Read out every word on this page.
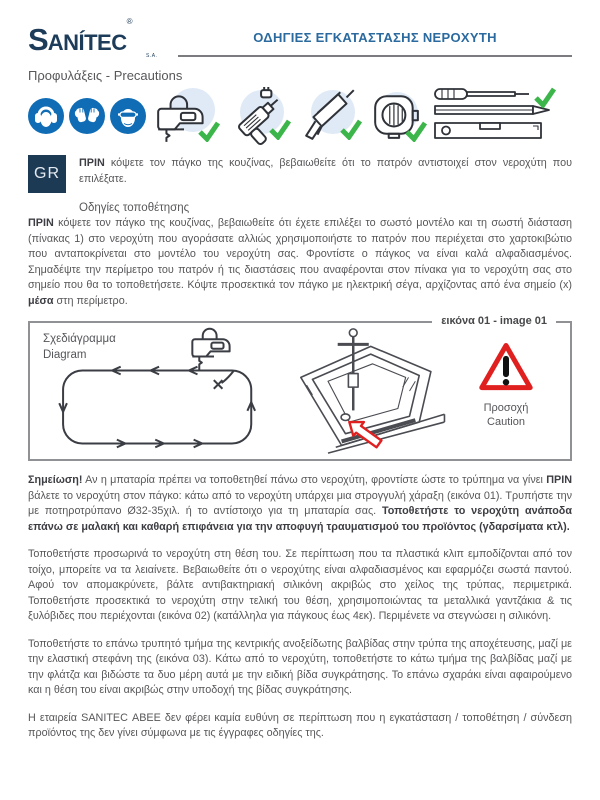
SANÍTEC®
S.A.
ΟΔΗΓΙΕΣ ΕΓΚΑΤΑΣΤΑΣΗΣ ΝΕΡΟΧΥΤΗ
Προφυλάξεις - Precautions
GR
ΠΡΙΝ κόψετε τον πάγκο της κουζίνας, βεβαιωθείτε ότι το πατρόν αντιστοιχεί στον νεροχύτη που επιλέξατε.
Οδηγίες τοποθέτησης
ΠΡΙΝ κόψετε τον πάγκο της κουζίνας, βεβαιωθείτε ότι έχετε επιλέξει το σωστό μοντέλο και τη σωστή διάσταση (πίνακας 1) στο νεροχύτη που αγοράσατε αλλιώς χρησιμοποιήστε το πατρόν που περιέχεται στο χαρτοκιβώτιο που ανταποκρίνεται στο μοντέλο του νεροχύτη σας. Φροντίστε ο πάγκος να είναι καλά αλφαδιασμένος. Σημαδέψτε την περίμετρο του πατρόν ή τις διαστάσεις που αναφέρονται στον πίνακα για το νεροχύτη σας στο σημείο που θα το τοποθετήσετε. Κόψτε προσεκτικά τον πάγκο με ηλεκτρική σέγα, αρχίζοντας από ένα σημείο (x) μέσα στη περίμετρο.
εικόνα 01 - image 01
Σχεδιάγραμμα
Diagram
Προσοχή
Caution
Σημείωση! Αν η μπαταρία πρέπει να τοποθετηθεί πάνω στο νεροχύτη, φροντίστε ώστε το τρύπημα να γίνει ΠΡΙΝ βάλετε το νεροχύτη στον πάγκο: κάτω από το νεροχύτη υπάρχει μια στρογγυλή χάραξη (εικόνα 01). Τρυπήστε την με ποτηροτρύπανο Ø32-35χιλ. ή το αντίστοιχο για τη μπαταρία σας. Τοποθετήστε το νεροχύτη ανάποδα επάνω σε μαλακή και καθαρή επιφάνεια για την αποφυγή τραυματισμού του προϊόντος (γδαρσίματα κτλ).
Τοποθετήστε προσωρινά το νεροχύτη στη θέση του. Σε περίπτωση που τα πλαστικά κλιπ εμποδίζονται από τον τοίχο, μπορείτε να τα λειαίνετε. Βεβαιωθείτε ότι ο νεροχύτης είναι αλφαδιασμένος και εφαρμόζει σωστά παντού. Αφού τον απομακρύνετε, βάλτε αντιβακτηριακή σιλικόνη ακριβώς στο χείλος της τρύπας, περιμετρικά. Τοποθετήστε προσεκτικά το νεροχύτη στην τελική του θέση, χρησιμοποιώντας τα μεταλλικά γαντζάκια & τις ξυλόβιδες που περιέχονται (εικόνα 02) (κατάλληλα για πάγκους έως 4εκ). Περιμένετε να στεγνώσει η σιλικόνη.
Τοποθετήστε το επάνω τρυπητό τμήμα της κεντρικής ανοξείδωτης βαλβίδας στην τρύπα της αποχέτευσης, μαζί με την ελαστική στεφάνη της (εικόνα 03). Κάτω από το νεροχύτη, τοποθετήστε το κάτω τμήμα της βαλβίδας μαζί με την φλάτζα και βιδώστε τα δυο μέρη αυτά με την ειδική βίδα συγκράτησης. Το επάνω σχαράκι είναι αφαιρούμενο και η θέση του είναι ακριβώς στην υποδοχή της βίδας συγκράτησης.
Η εταιρεία SANITEC ΑΒΕΕ δεν φέρει καμία ευθύνη σε περίπτωση που η εγκατάσταση / τοποθέτηση / σύνδεση προϊόντος της δεν γίνει σύμφωνα με τις έγγραφες οδηγίες της.
